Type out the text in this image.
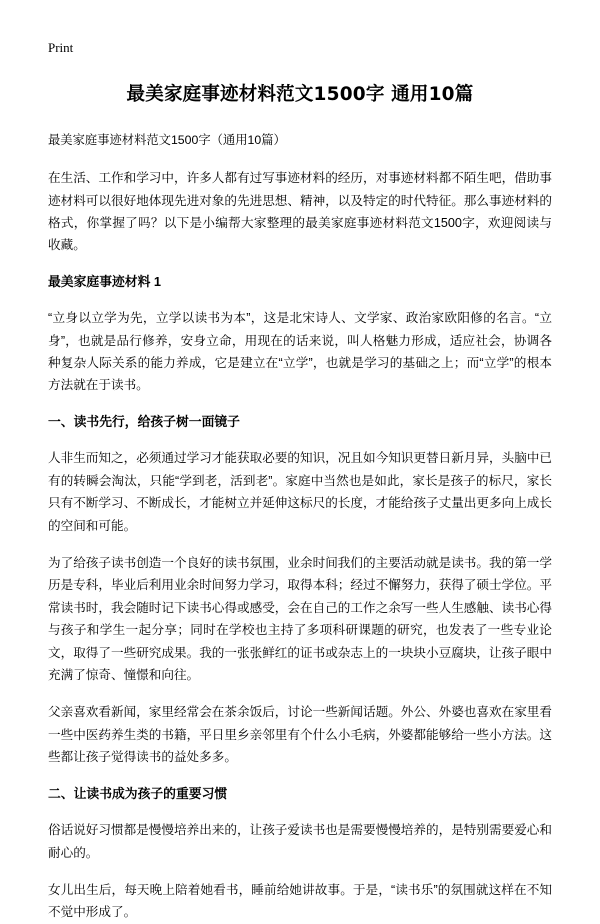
Print
最美家庭事迹材料范文1500字 通用10篇
最美家庭事迹材料范文1500字（通用10篇）

在生活、工作和学习中，许多人都有过写事迹材料的经历，对事迹材料都不陌生吧，借助事迹材料可以很好地体现先进对象的先进思想、精神，以及特定的时代特征。那么事迹材料的格式，你掌握了吗？以下是小编帮大家整理的最美家庭事迹材料范文1500字，欢迎阅读与收藏。

最美家庭事迹材料 1

“立身以立学为先，立学以读书为本”，这是北宋诗人、文学家、政治家欧阳修的名言。“立身”，也就是品行修养，安身立命，用现在的话来说，叫人格魅力形成，适应社会，协调各种复杂人际关系的能力养成，它是建立在“立学”，也就是学习的基础之上；而“立学”的根本方法就在于读书。

一、读书先行，给孩子树一面镜子

人非生而知之，必须通过学习才能获取必要的知识，况且如今知识更替日新月异，头脑中已有的转瞬会淘汰，只能“学到老，活到老”。家庭中当然也是如此，家长是孩子的标尺，家长只有不断学习、不断成长，才能树立并延伸这标尺的长度，才能给孩子丈量出更多向上成长的空间和可能。

为了给孩子读书创造一个良好的读书氛围，业余时间我们的主要活动就是读书。我的第一学历是专科，毕业后利用业余时间努力学习，取得本科；经过不懈努力，获得了硕士学位。平常读书时，我会随时记下读书心得或感受，会在自己的工作之余写一些人生感触、读书心得与孩子和学生一起分享；同时在学校也主持了多项科研课题的研究，也发表了一些专业论文，取得了一些研究成果。我的一张张鲜红的证书或杂志上的一块块小豆腐块，让孩子眼中充满了惊奇、憧憬和向往。

父亲喜欢看新闻，家里经常会在茶余饭后，讨论一些新闻话题。外公、外婆也喜欢在家里看一些中医药养生类的书籍，平日里乡亲邻里有个什么小毛病，外婆都能够给一些小方法。这些都让孩子觉得读书的益处多多。

二、让读书成为孩子的重要习惯

俗话说好习惯都是慢慢培养出来的，让孩子爱读书也是需要慢慢培养的，是特别需要爱心和耐心的。

女儿出生后，每天晚上陪着她看书，睡前给她讲故事。于是，“读书乐”的氛围就这样在不知不觉中形成了。
